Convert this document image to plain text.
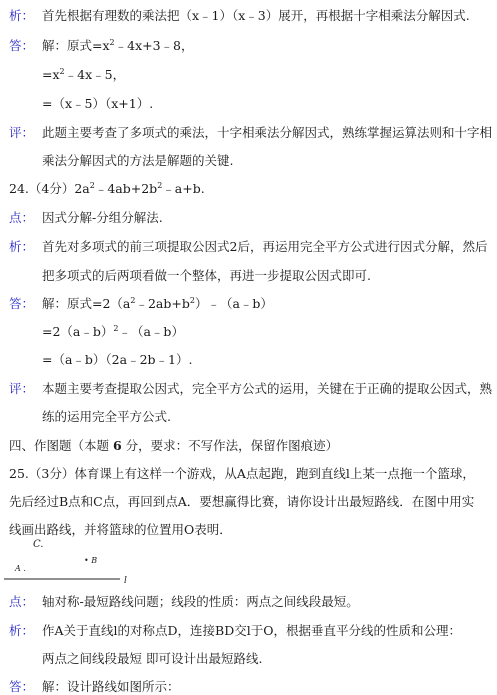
析： 首先根据有理数的乘法把（x﹣1）（x﹣3）展开，再根据十字相乘法分解因式.
答： 解：原式$=x^2﹣4x+3﹣8$，
$=x^2﹣4x﹣5$，
=（x﹣5）（x+1）.
评： 此题主要考查了多项式的乘法，十字相乘法分解因式，熟练掌握运算法则和十字相
乘法分解因式的方法是解题的关键.
24.（4分）$2a^2﹣4ab+2b^2﹣a+b$.
点： 因式分解-分组分解法.
析： 首先对多项式的前三项提取公因式2后，再运用完全平方公式进行因式分解，然后
把多项式的后两项看做一个整体，再进一步提取公因式即可.
答： 解：原式$=2(a^2﹣2ab+b^2)﹣(a﹣b)$
=2（a﹣b）$^2$﹣（a﹣b）
=（a﹣b）（2a﹣2b﹣1）.
评： 本题主要考查提取公因式，完全平方公式的运用，关键在于正确的提取公因式，熟
练的运用完全平方公式.
四、作图题（本题 6 分，要求：不写作法，保留作图痕迹）
25.（3分）体育课上有这样一个游戏，从A点起跑，跑到直线l上某一点拖一个篮球，
先后经过B点和C点，再回到点A．要想赢得比赛，请你设计出最短路线．在图中用实
线画出路线，并将篮球的位置用O表明．
C.
• B
A .
l
点： 轴对称-最短路线问题；线段的性质：两点之间线段最短。
析： 作A关于直线l的对称点D，连接BD交l于O，根据垂直平分线的性质和公理：
两点之间线段最短 即可设计出最短路线.
答： 解：设计路线如图所示：
